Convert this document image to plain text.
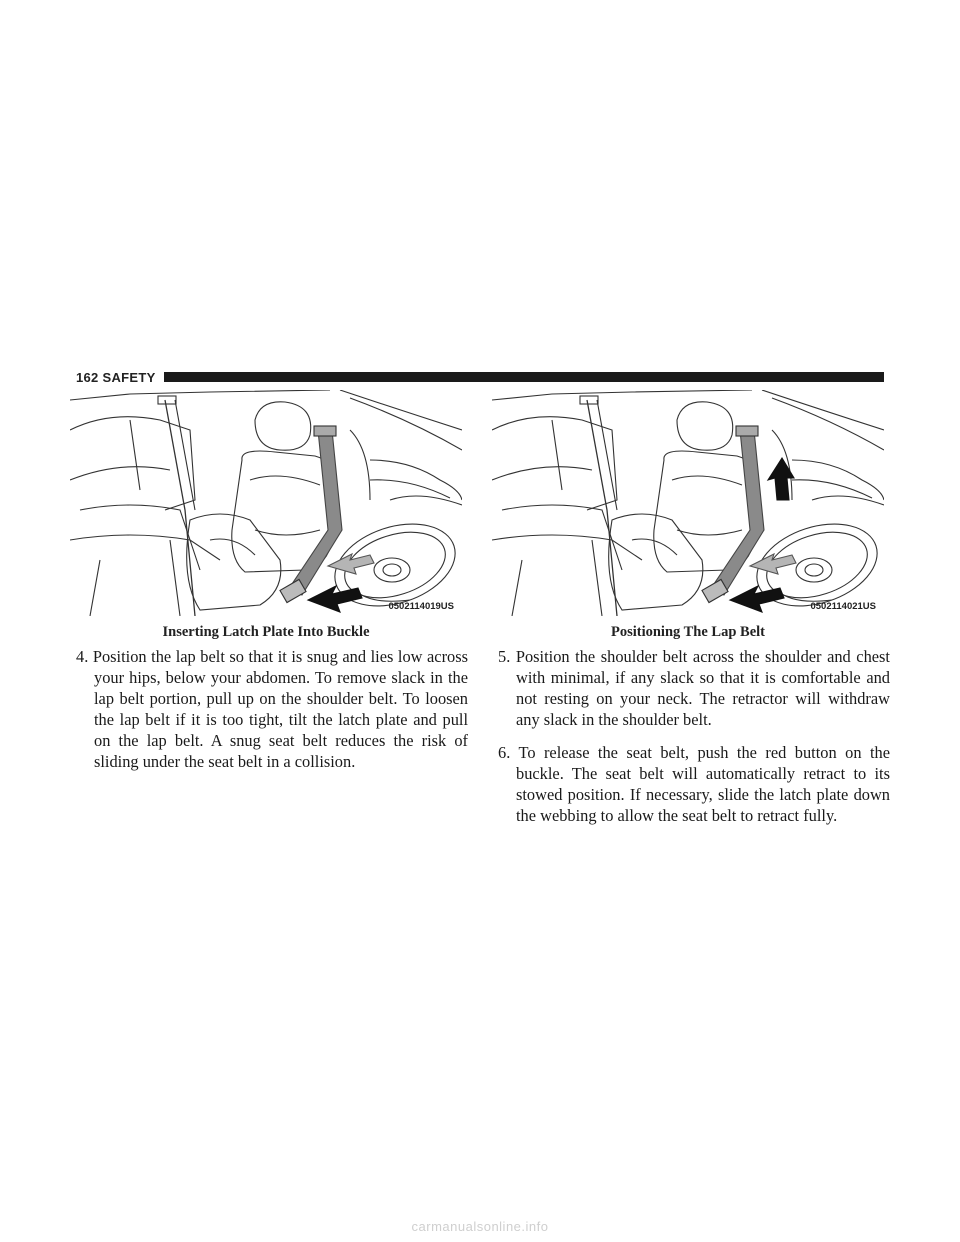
162 SAFETY
0502114019US
Inserting Latch Plate Into Buckle
0502114021US
Positioning The Lap Belt

4. Position the lap belt so that it is snug and lies low across your hips, below your abdomen. To remove slack in the lap belt portion, pull up on the shoulder belt. To loosen the lap belt if it is too tight, tilt the latch plate and pull on the lap belt. A snug seat belt reduces the risk of sliding under the seat belt in a collision.

5. Position the shoulder belt across the shoulder and chest with minimal, if any slack so that it is comfortable and not resting on your neck. The retractor will withdraw any slack in the shoulder belt.

6. To release the seat belt, push the red button on the buckle. The seat belt will automatically retract to its stowed position. If necessary, slide the latch plate down the webbing to allow the seat belt to retract fully.

carmanualsonline.info
